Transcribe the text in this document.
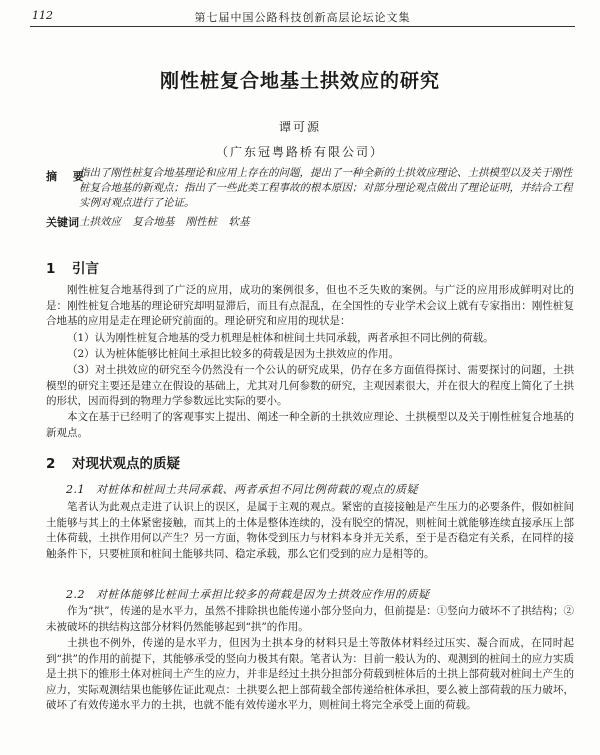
112	第七届中国公路科技创新高层论坛论文集
刚性桩复合地基土拱效应的研究
谭可源
（广东冠粤路桥有限公司）
摘 要
指出了刚性桩复合地基理论和应用上存在的问题，提出了一种全新的土拱效应理论、土拱模型以及关于刚性桩复合地基的新观点；指出了一些此类工程事故的根本原因；对部分理论观点做出了理论证明，并结合工程实例对观点进行了论证。
关键词 土拱效应 复合地基 刚性桩 软基
1 引言

刚性桩复合地基得到了广泛的应用，成功的案例很多，但也不乏失败的案例。与广泛的应用形成鲜明对比的是：刚性桩复合地基的理论研究却明显滞后，而且有点混乱，在全国性的专业学术会议上就有专家指出：刚性桩复合地基的应用是走在理论研究前面的。理论研究和应用的现状是：

（1）认为刚性桩复合地基的受力机理是桩体和桩间土共同承载，两者承担不同比例的荷载。

（2）认为桩体能够比桩间土承担比较多的荷载是因为土拱效应的作用。

（3）对土拱效应的研究至今仍然没有一个公认的研究成果，仍存在多方面值得探讨、需要探讨的问题，土拱模型的研究主要还是建立在假设的基础上，尤其对几何参数的研究，主观因素很大，并在很大的程度上简化了土拱的形状，因而得到的物理力学参数远比实际的要小。

本文在基于已经明了的客观事实上提出、阐述一种全新的土拱效应理论、土拱模型以及关于刚性桩复合地基的新观点。

2 对现状观点的质疑
2.1 对桩体和桩间土共同承载、两者承担不同比例荷载的观点的质疑

笔者认为此观点走进了认识上的误区，是属于主观的观点。紧密的直接接触是产生压力的必要条件，假如桩间土能够与其上的土体紧密接触，而其上的土体是整体连续的，没有脱空的情况，则桩间土就能够连续直接承压上部土体荷载，土拱作用何以产生？另一方面，物体受到压力与材料本身并无关系，至于是否稳定有关系，在同样的接触条件下，只要桩顶和桩间土能够共同、稳定承载，那么它们受到的应力是相等的。

2.2 对桩体能够比桩间土承担比较多的荷载是因为土拱效应作用的质疑

作为“拱”，传递的是水平力，虽然不排除拱也能传递小部分竖向力，但前提是：①竖向力破坏不了拱结构；②未被破坏的拱结构这部分材料仍然能够起到“拱”的作用。

土拱也不例外，传递的是水平力，但因为土拱本身的材料只是土等散体材料经过压实、凝合而成，在同时起到“拱”的作用的前提下，其能够承受的竖向力极其有限。笔者认为：目前一般认为的、观测到的桩间土的应力实质是土拱下的锥形土体对桩间土产生的应力，并非是经过土拱分担部分荷载到桩体后的土拱上部荷载对桩间土产生的应力，实际观测结果也能够佐证此观点：土拱要么把上部荷载全部传递给桩体承担，要么被上部荷载的压力破坏，破坏了有效传递水平力的土拱，也就不能有效传递水平力，则桩间土将完全承受上面的荷载。
